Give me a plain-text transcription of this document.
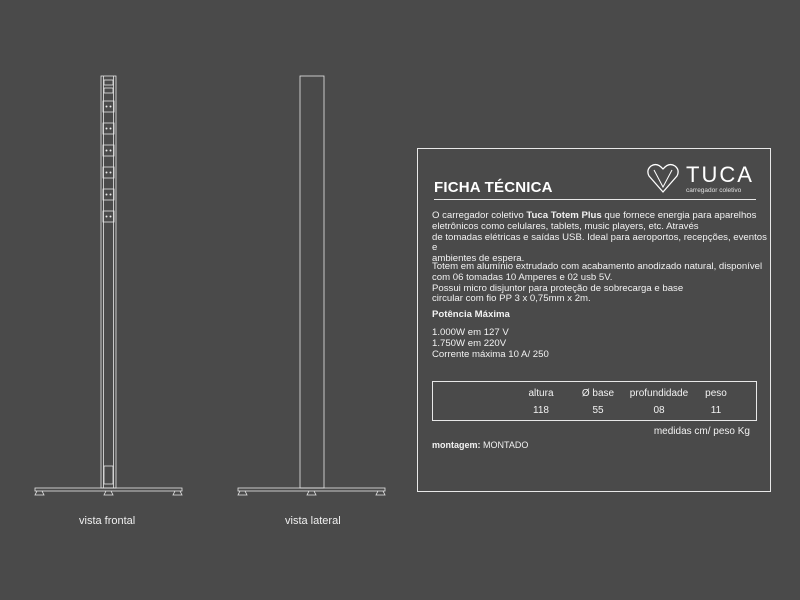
vista frontal	vista lateral
FICHA TÉCNICA
TUCA
carregador coletivo

O carregador coletivo Tuca Totem Plus que fornece energia para aparelhos

eletrônicos como celulares, tablets, music players, etc. Através

de tomadas elétricas e saídas USB. Ideal para aeroportos, recepções, eventos e

ambientes de espera.

Totem em alumínio extrudado com acabamento anodizado natural, disponível

com 06 tomadas 10 Amperes e 02 usb 5V.

Possui micro disjuntor para proteção de sobrecarga e base

circular com fio PP 3 x 0,75mm x 2m.

Potência Máxima

1.000W em 127 V

1.750W em 220V

Corrente máxima 10 A/ 250

altura
118
Ø base
55
profundidade
08
peso
11
medidas cm/ peso Kg
montagem: MONTADO
